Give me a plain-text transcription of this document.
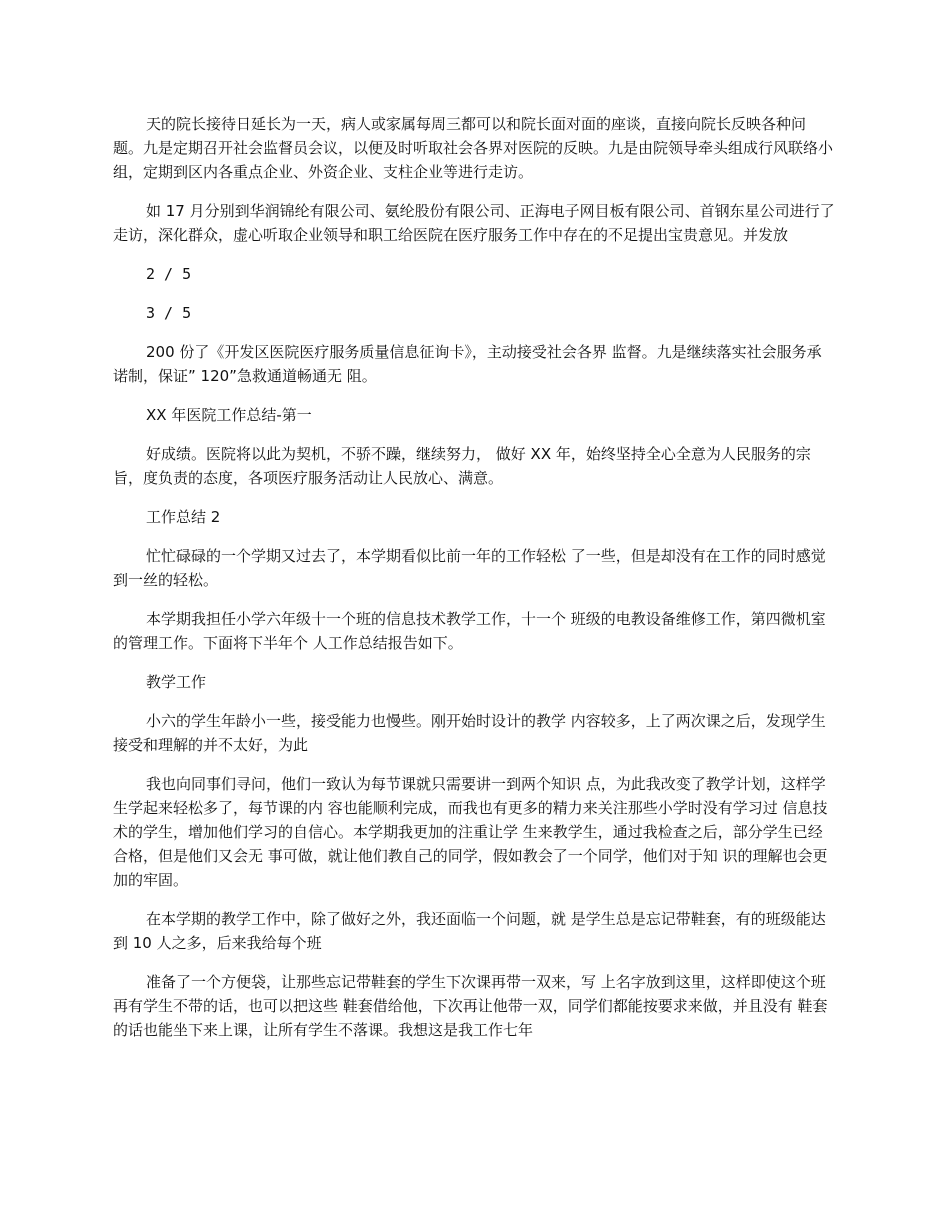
天的院长接待日延长为一天，病人或家属每周三都可以和院长面对面的座谈，直接向院长反映各种问题。九是定期召开社会监督员会议，以便及时听取社会各界对医院的反映。九是由院领导牵头组成行风联络小组，定期到区内各重点企业、外资企业、支柱企业等进行走访。

如 17 月分别到华润锦纶有限公司、氨纶股份有限公司、正海电子网目板有限公司、首钢东星公司进行了走访，深化群众，虚心听取企业领导和职工给医院在医疗服务工作中存在的不足提出宝贵意见。并发放

2 / 5

3 / 5

200 份了《开发区医院医疗服务质量信息征询卡》，主动接受社会各界 监督。九是继续落实社会服务承诺制，保证” 120”急救通道畅通无 阻。

XX 年医院工作总结-第一

好成绩。医院将以此为契机，不骄不躁，继续努力， 做好 XX 年，始终坚持全心全意为人民服务的宗旨，度负责的态度，各项医疗服务活动让人民放心、满意。

工作总结 2

忙忙碌碌的一个学期又过去了，本学期看似比前一年的工作轻松 了一些，但是却没有在工作的同时感觉到一丝的轻松。

本学期我担任小学六年级十一个班的信息技术教学工作，十一个 班级的电教设备维修工作，第四微机室的管理工作。下面将下半年个 人工作总结报告如下。

教学工作

小六的学生年龄小一些，接受能力也慢些。刚开始时设计的教学 内容较多，上了两次课之后，发现学生接受和理解的并不太好，为此

我也向同事们寻问，他们一致认为每节课就只需要讲一到两个知识 点，为此我改变了教学计划，这样学生学起来轻松多了，每节课的内 容也能顺利完成，而我也有更多的精力来关注那些小学时没有学习过 信息技术的学生，增加他们学习的自信心。本学期我更加的注重让学 生来教学生，通过我检查之后，部分学生已经合格，但是他们又会无 事可做，就让他们教自己的同学，假如教会了一个同学，他们对于知 识的理解也会更加的牢固。

在本学期的教学工作中，除了做好之外，我还面临一个问题，就 是学生总是忘记带鞋套，有的班级能达到 10 人之多，后来我给每个班

准备了一个方便袋，让那些忘记带鞋套的学生下次课再带一双来，写 上名字放到这里，这样即使这个班再有学生不带的话，也可以把这些 鞋套借给他，下次再让他带一双，同学们都能按要求来做，并且没有 鞋套的话也能坐下来上课，让所有学生不落课。我想这是我工作七年
